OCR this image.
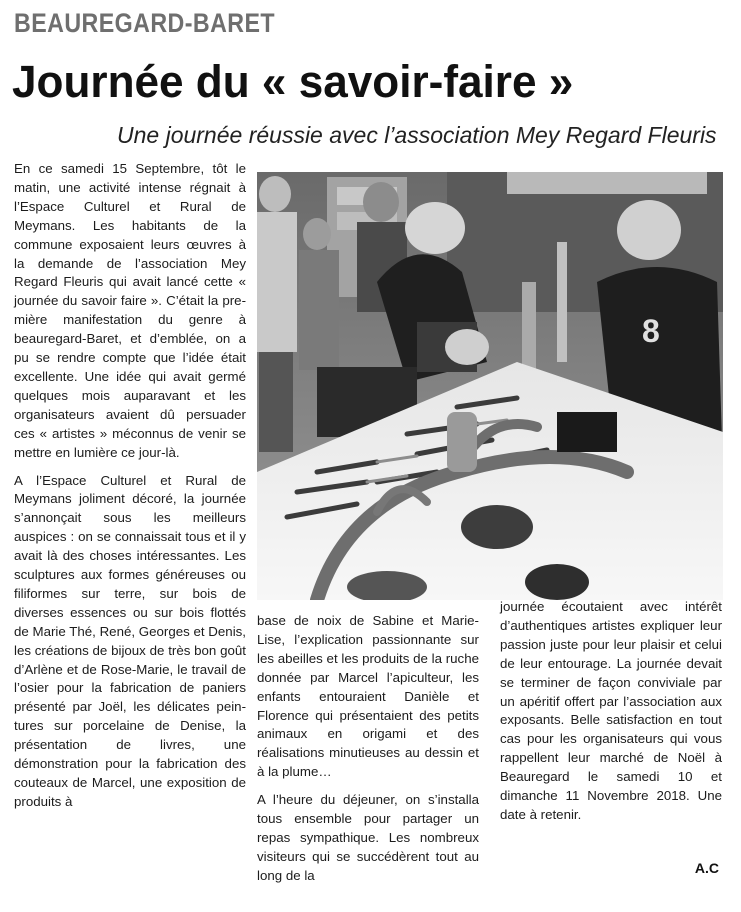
BEAUREGARD-BARET
Journée du « savoir-faire »
Une journée réussie avec l’association Mey Regard Fleuris

En ce samedi 15 Septembre, tôt le matin, une activité intense régnait à l’Espace Culturel et Rural de Meymans. Les habitants de la commune exposaient leurs œuvres à la demande de l’association Mey Regard Fleuris qui avait lancé cette « journée du savoir faire ». C’était la première manifestation du genre à beauregard-Baret, et d’emblée, on a pu se rendre compte que l’idée était excellente. Une idée qui avait germé quelques mois auparavant et les organisateurs avaient dû persuader ces « artistes » méconnus de venir se mettre en lumière ce jour-là.

A l’Espace Culturel et Rural de Meymans joliment décoré, la journée s’annonçait sous les meilleurs auspices : on se connaissait tous et il y avait là des choses intéressantes. Les sculptures aux formes généreuses ou filiformes sur terre, sur bois de diverses essences ou sur bois flottés de Marie Thé, René, Georges et Denis, les créations de bijoux de très bon goût d’Arlène et de Rose-Marie, le travail de l’osier pour la fabrication de paniers présenté par Joël, les délicates peintures sur porcelaine de Denise, la présentation de livres, une démonstration pour la fabrication des couteaux de Marcel, une exposition de produits à

8

base de noix de Sabine et Marie-Lise, l’explication passionnante sur les abeilles et les produits de la ruche donnée par Marcel l’apiculteur, les enfants entouraient Danièle et Florence qui présentaient des petits animaux en origami et des réalisations minutieuses au dessin et à la plume…

A l’heure du déjeuner, on s’installa tous ensemble pour partager un repas sympathique. Les nombreux visiteurs qui se succédèrent tout au long de la

journée écoutaient avec intérêt d’authentiques artistes expliquer leur passion juste pour leur plaisir et celui de leur entourage. La journée devait se terminer de façon conviviale par un apéritif offert par l’association aux exposants. Belle satisfaction en tout cas pour les organisateurs qui vous rappellent leur marché de Noël à Beauregard le samedi 10 et dimanche 11 Novembre 2018. Une date à retenir.

A.C
